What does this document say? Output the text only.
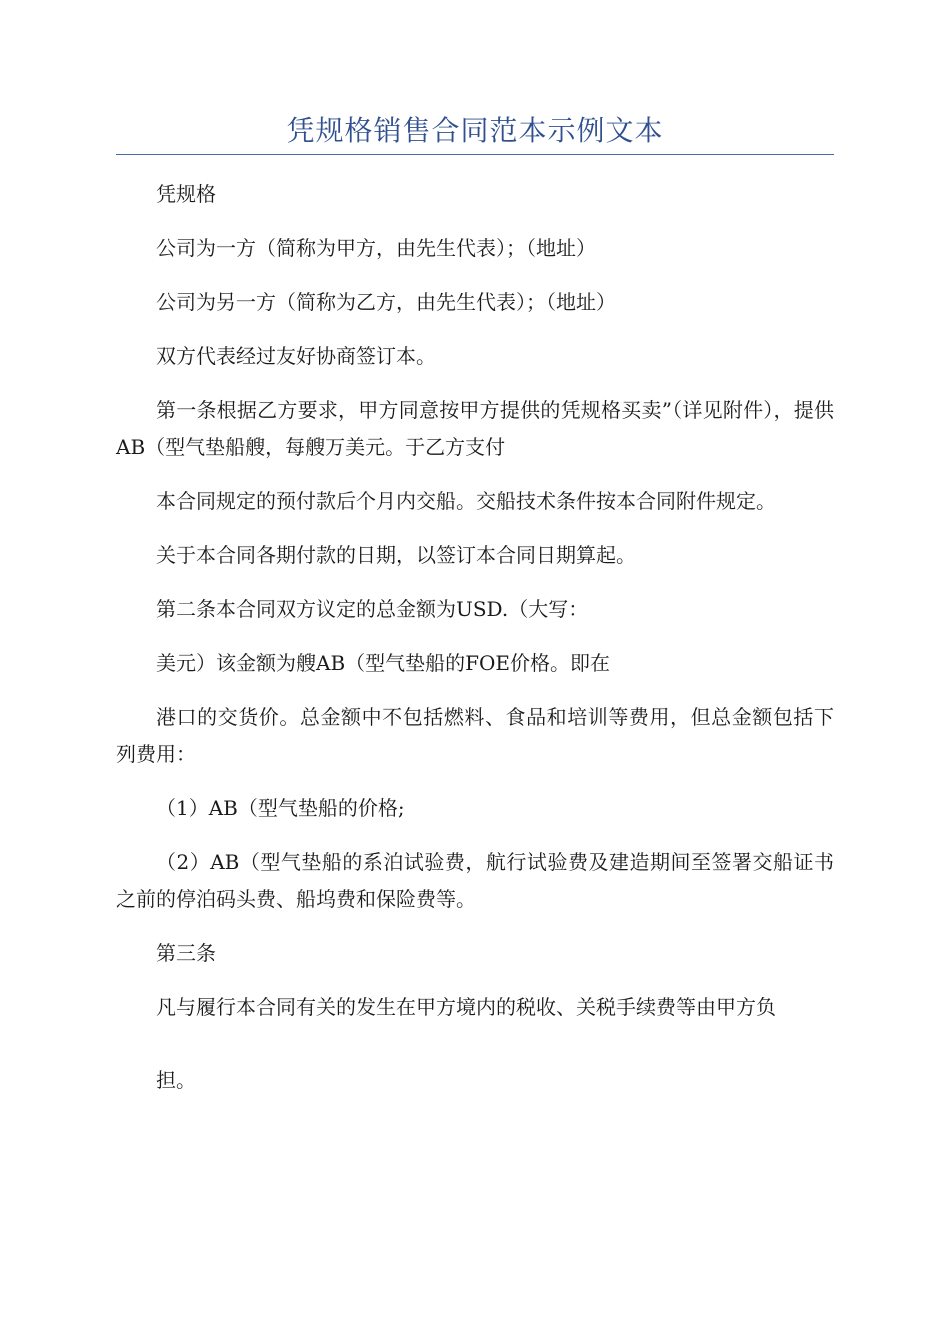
凭规格销售合同范本示例文本

凭规格

公司为一方（简称为甲方，由先生代表）；（地址）

公司为另一方（简称为乙方，由先生代表）；（地址）

双方代表经过友好协商签订本。

第一条根据乙方要求，甲方同意按甲方提供的凭规格买卖”（详见附件），提供AB（型气垫船艘，每艘万美元。于乙方支付

本合同规定的预付款后个月内交船。交船技术条件按本合同附件规定。

关于本合同各期付款的日期，以签订本合同日期算起。

第二条本合同双方议定的总金额为USD.（大写：

美元）该金额为艘AB（型气垫船的FOE价格。即在

港口的交货价。总金额中不包括燃料、食品和培训等费用，但总金额包括下列费用：

（1）AB（型气垫船的价格;

（2）AB（型气垫船的系泊试验费，航行试验费及建造期间至签署交船证书之前的停泊码头费、船坞费和保险费等。

第三条

凡与履行本合同有关的发生在甲方境内的税收、关税手续费等由甲方负

担。
